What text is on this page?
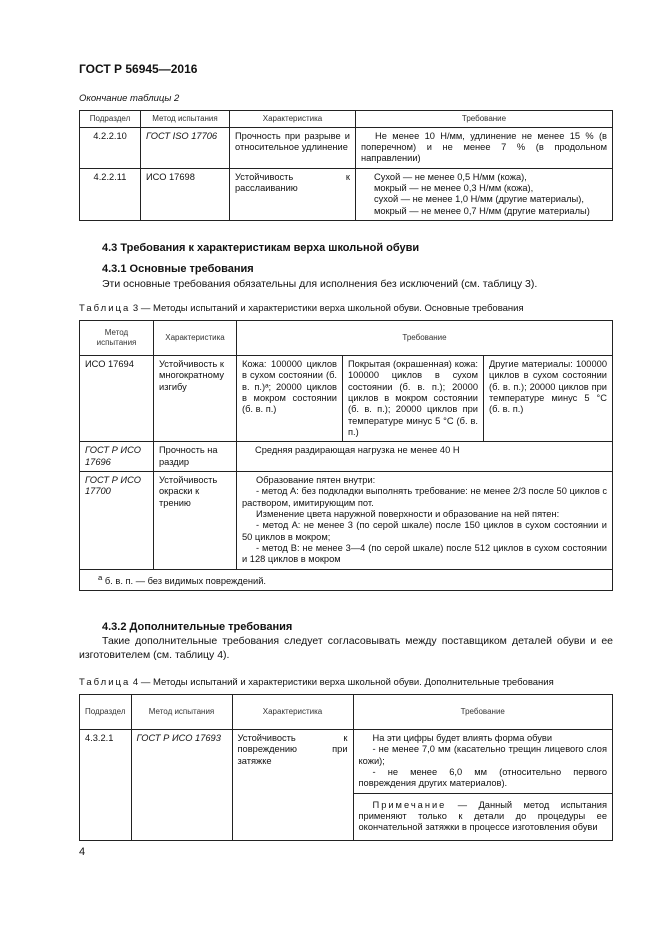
ГОСТ Р 56945—2016
Окончание таблицы 2
Подраздел	Метод испытания	Характеристика	Требование
4.2.2.10	ГОСТ ISO 17706	Прочность при разрыве и относительное удлинение	Не менее 10 Н/мм, удлинение не менее 15 % (в поперечном) и не менее 7 % (в продольном направлении)
4.2.2.11	ИСО 17698	Устойчивость к расслаиванию	Сухой — не менее 0,5 Н/мм (кожа),
мокрый — не менее 0,3 Н/мм (кожа),
сухой — не менее 1,0 Н/мм (другие материалы),
мокрый — не менее 0,7 Н/мм (другие материалы)
4.3 Требования к характеристикам верха школьной обуви
4.3.1 Основные требования
Эти основные требования обязательны для исполнения без исключений (см. таблицу 3).
Таблица 3 — Методы испытаний и характеристики верха школьной обуви. Основные требования
Метод испытания	Характеристика	Требование		
ИСО 17694	Устойчивость к многократному изгибу	Кожа: 100000 циклов в сухом состоянии (б. в. п.)ᵃ; 20000 циклов в мокром состоянии (б. в. п.)	Покрытая (окрашенная) кожа: 100000 циклов в сухом состоянии (б. в. п.); 20000 циклов в мокром состоянии (б. в. п.); 20000 циклов при температуре минус 5 °С (б. в. п.)	Другие материалы: 100000 циклов в сухом состоянии (б. в. п.); 20000 циклов при температуре минус 5 °С (б. в. п.)
ГОСТ Р ИСО 17696	Прочность на раздир	Средняя раздирающая нагрузка не менее 40 Н		
ГОСТ Р ИСО 17700	Устойчивость окраски к трению	Образование пятен внутри:
- метод А: без подкладки выполнять требование: не менее 2/3 после 50 циклов с раствором, имитирующим пот.
Изменение цвета наружной поверхности и образование на ней пятен:
- метод А: не менее 3 (по серой шкале) после 150 циклов в сухом состоянии и 50 циклов в мокром;
- метод В: не менее 3—4 (по серой шкале) после 512 циклов в сухом состоянии и 128 циклов в мокром		

$^a$ б. в. п. — без видимых повреждений.				
4.3.2 Дополнительные требования
Такие дополнительные требования следует согласовывать между поставщиком деталей обуви и ее изготовителем (см. таблицу 4).
Таблица 4 — Методы испытаний и характеристики верха школьной обуви. Дополнительные требования
Подраздел	Метод испытания	Характеристика	Требование
4.3.2.1	ГОСТ Р ИСО 17693	Устойчивость к повреждению при затяжке	На эти цифры будет влиять форма обуви
- не менее 7,0 мм (касательно трещин лицевого слоя кожи);
- не менее 6,0 мм (относительно первого повреждения других материалов).

			Примечание — Данный метод испытания применяют только к детали до процедуры ее окончательной затяжки в процессе изготовления обуви
4
